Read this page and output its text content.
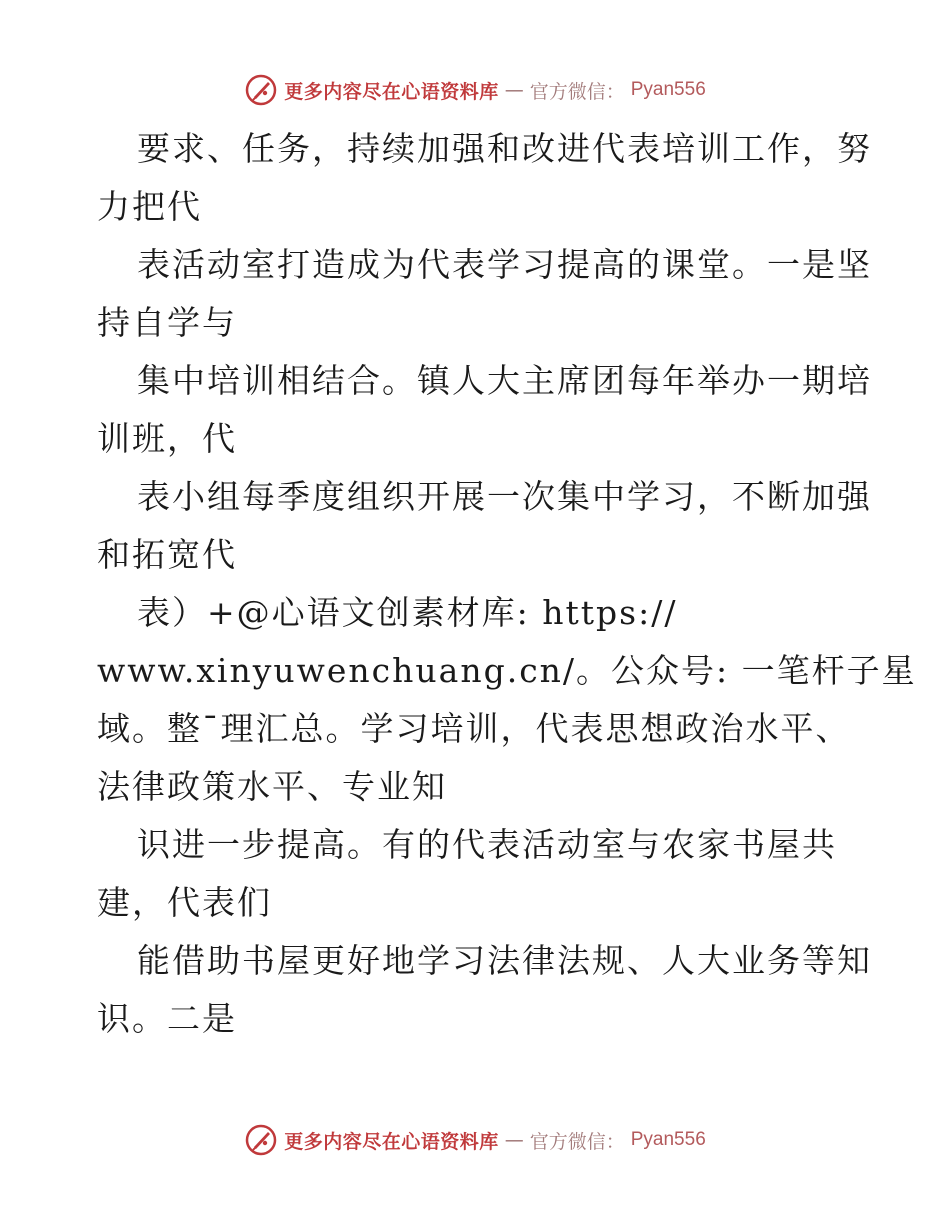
更多内容尽在心语资料库 — 官方微信： Pyan556
要求、任务，持续加强和改进代表培训工作，努
力把代
表活动室打造成为代表学习提高的课堂。一是坚
持自学与
集中培训相结合。镇人大主席团每年举办一期培
训班，代
表小组每季度组织开展一次集中学习，不断加强
和拓宽代
表）+@心语文创素材库: https://
www.xinyuwenchuang.cn/。公众号: 一笔杆子星
域。整¯理汇总。学习培训，代表思想政治水平、
法律政策水平、专业知
识进一步提高。有的代表活动室与农家书屋共
建，代表们
能借助书屋更好地学习法律法规、人大业务等知
识。二是
更多内容尽在心语资料库 — 官方微信： Pyan556
